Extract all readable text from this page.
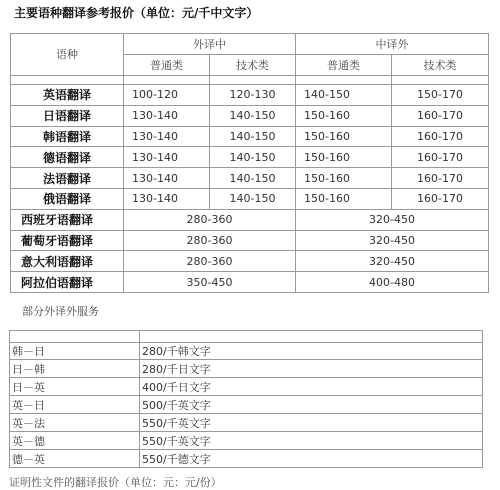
主要语种翻译参考报价（单位：元/千中文字）
语种	外译中		中译外	
	普通类	技术类	普通类	技术类

英语翻译	100-120	120-130	140-150	150-170
日语翻译	130-140	140-150	150-160	160-170
韩语翻译	130-140	140-150	150-160	160-170
德语翻译	130-140	140-150	150-160	160-170
法语翻译	130-140	140-150	150-160	160-170
俄语翻译	130-140	140-150	150-160	160-170
西班牙语翻译	280-360		320-450	
葡萄牙语翻译	280-360		320-450	
意大利语翻译	280-360		320-450	
阿拉伯语翻译	350-450		400-480	
部分外译外服务

韩－日	280/千韩文字
日－韩	280/千日文字
日－英	400/千日文字
英－日	500/千英文字
英－法	550/千英文字
英－德	550/千英文字
德－英	550/千德文字
证明性文件的翻译报价（单位：元：元/份）
